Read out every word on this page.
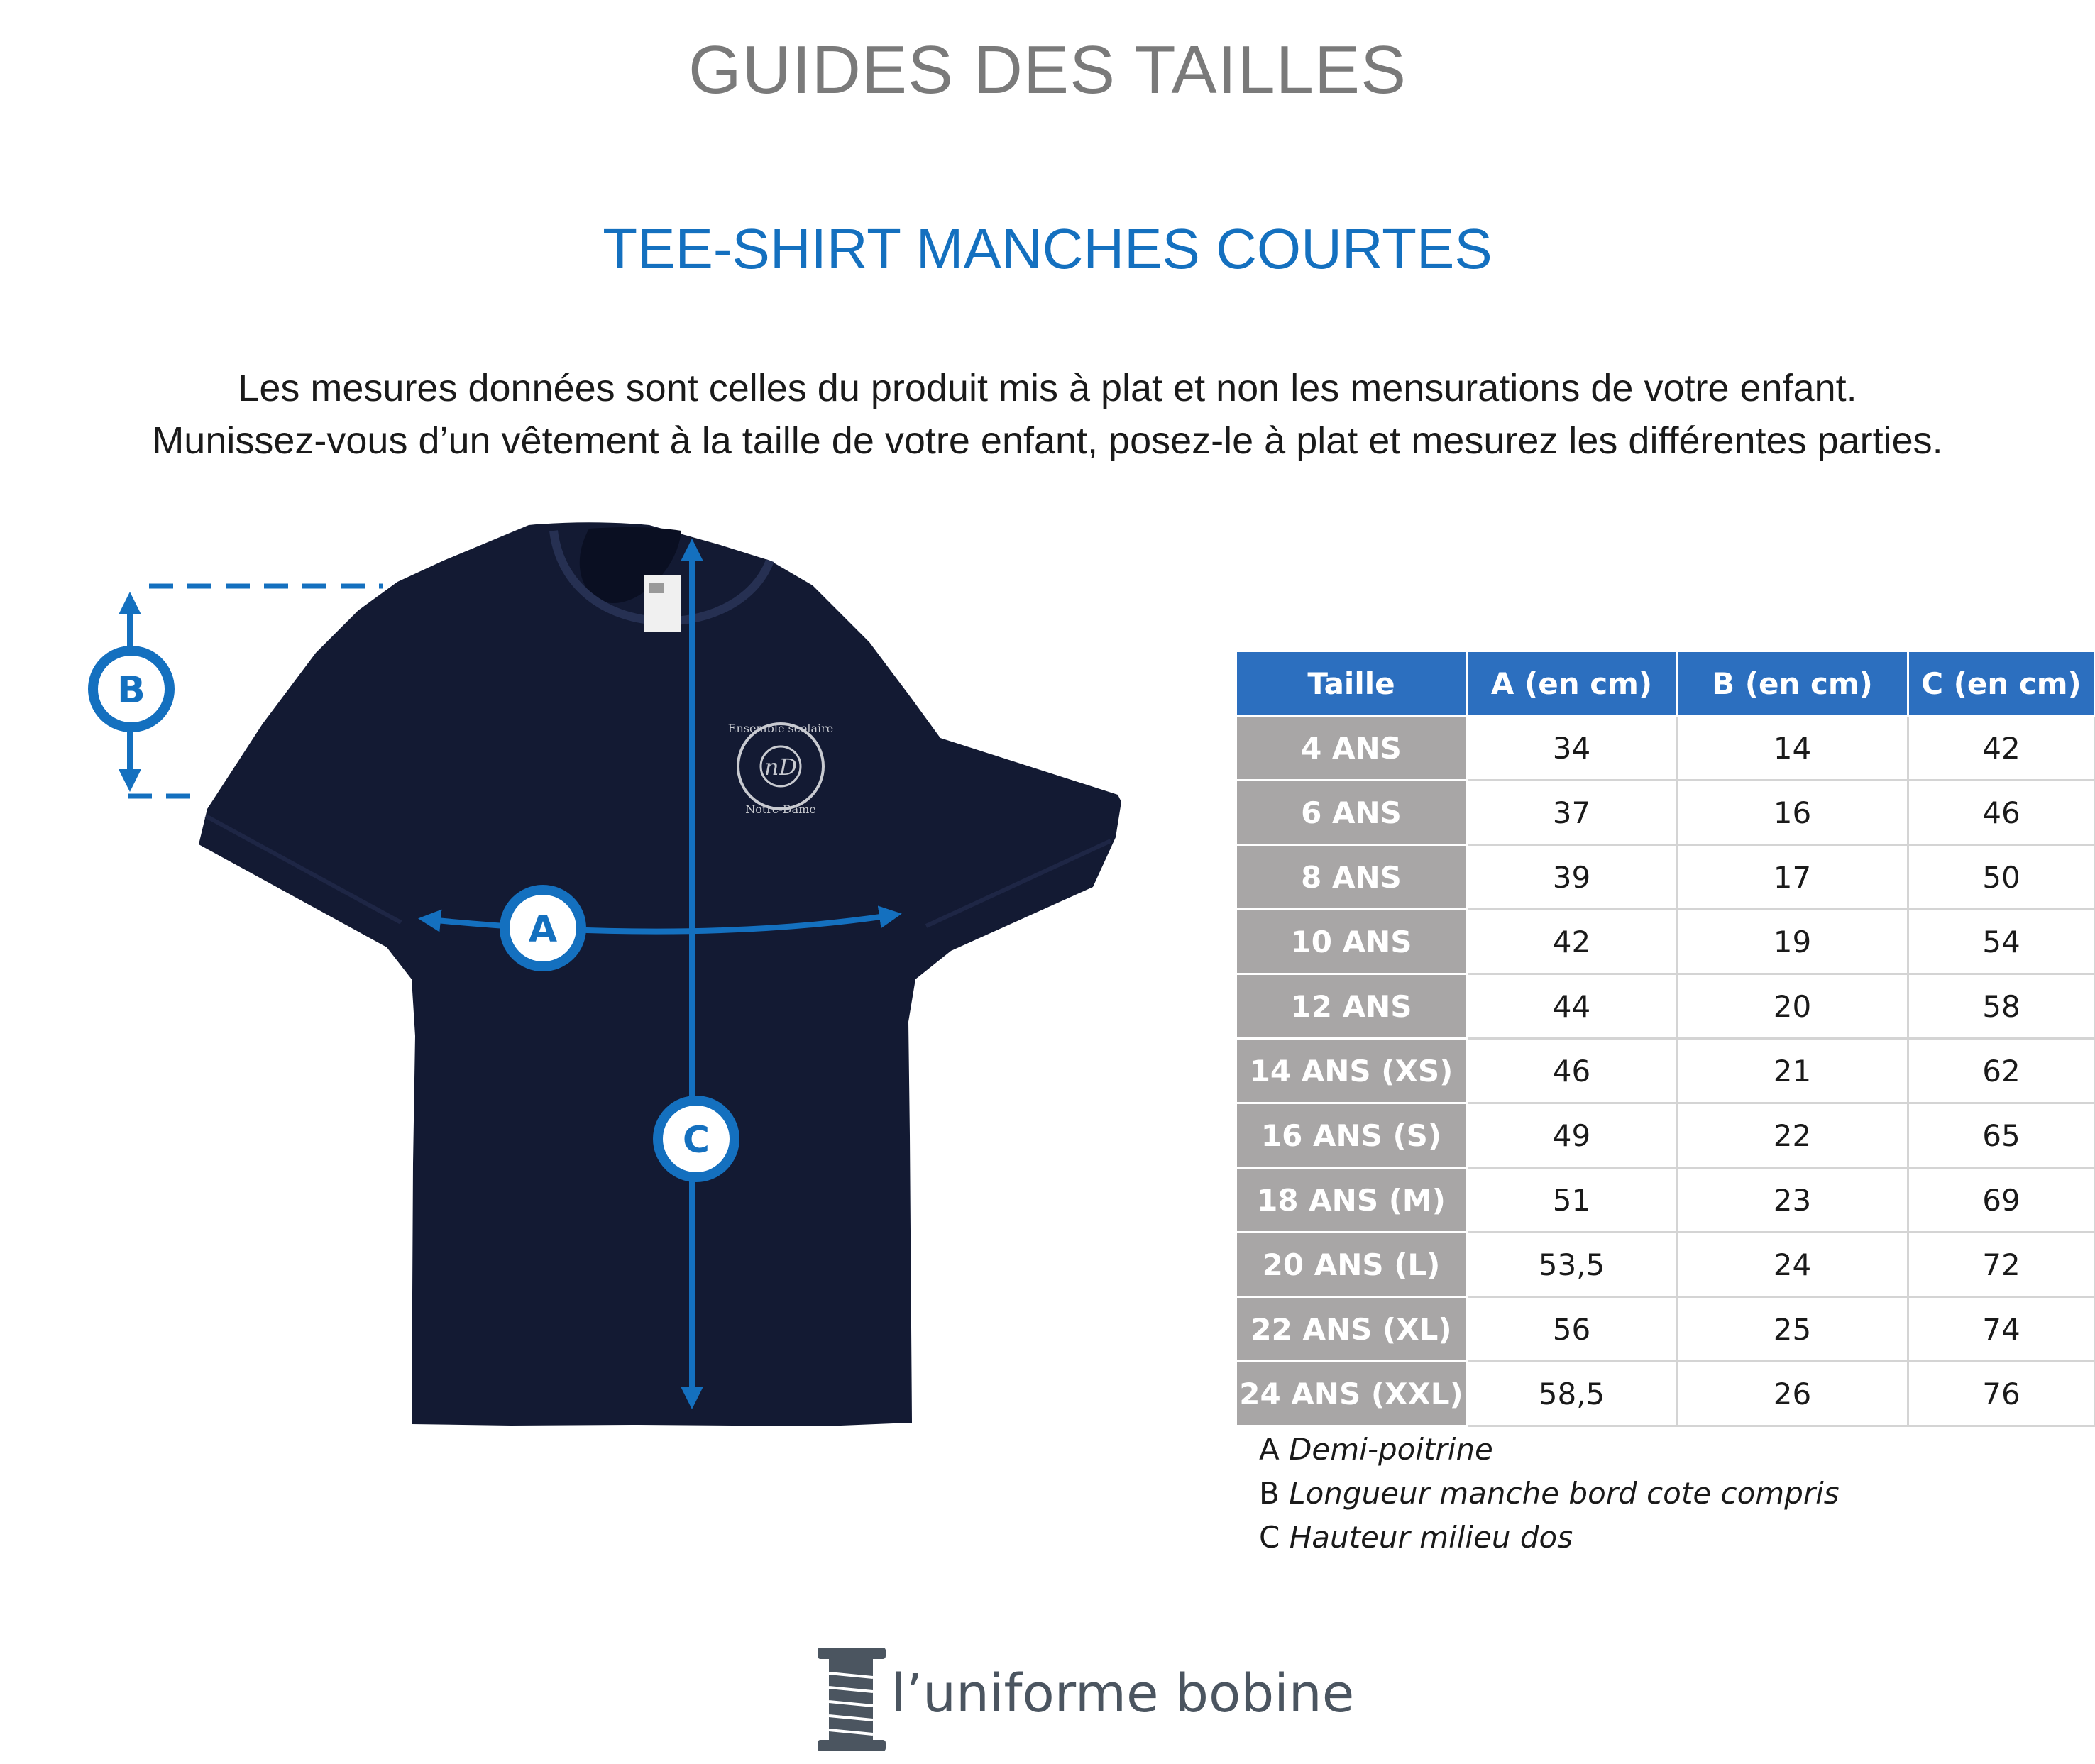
GUIDES DES TAILLES
TEE-SHIRT MANCHES COURTES

Les mesures données sont celles du produit mis à plat et non les mensurations de votre enfant.

Munissez-vous d’un vêtement à la taille de votre enfant, posez-le à plat et mesurez les différentes parties.

nD
Ensemble scolaire
Notre-Dame
B
A
C
Taille	A (en cm)	B (en cm)	C (en cm)
4 ANS	34	14	42
6 ANS	37	16	46
8 ANS	39	17	50
10 ANS	42	19	54
12 ANS	44	20	58
14 ANS (XS)	46	21	62
16 ANS (S)	49	22	65
18 ANS (M)	51	23	69
20 ANS (L)	53,5	24	72
22 ANS (XL)	56	25	74
24 ANS (XXL)	58,5	26	76
A Demi-poitrine
B Longueur manche bord cote compris
C Hauteur milieu dos
l’uniforme bobine
